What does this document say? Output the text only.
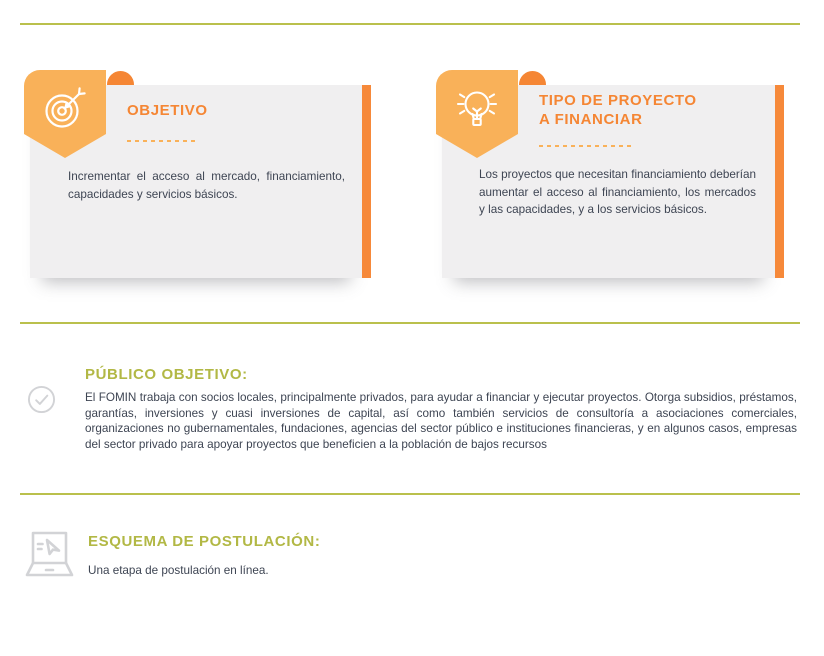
OBJETIVO
Incrementar el acceso al mercado, financiamiento, capacidades y servicios básicos.
TIPO DE PROYECTO A FINANCIAR
Los proyectos que necesitan financiamiento deberían aumentar el acceso al financiamiento, los mercados y las capacidades, y a los servicios básicos.
PÚBLICO OBJETIVO:
El FOMIN trabaja con socios locales, principalmente privados, para ayudar a financiar y ejecutar proyectos. Otorga subsidios, préstamos, garantías, inversiones y cuasi inversiones de capital, así como también servicios de consultoría a asociaciones comerciales, organizaciones no gubernamentales, fundaciones, agencias del sector público e instituciones financieras, y en algunos casos, empresas del sector privado para apoyar proyectos que beneficien a la población de bajos recursos
ESQUEMA DE POSTULACIÓN:
Una etapa de postulación en línea.
